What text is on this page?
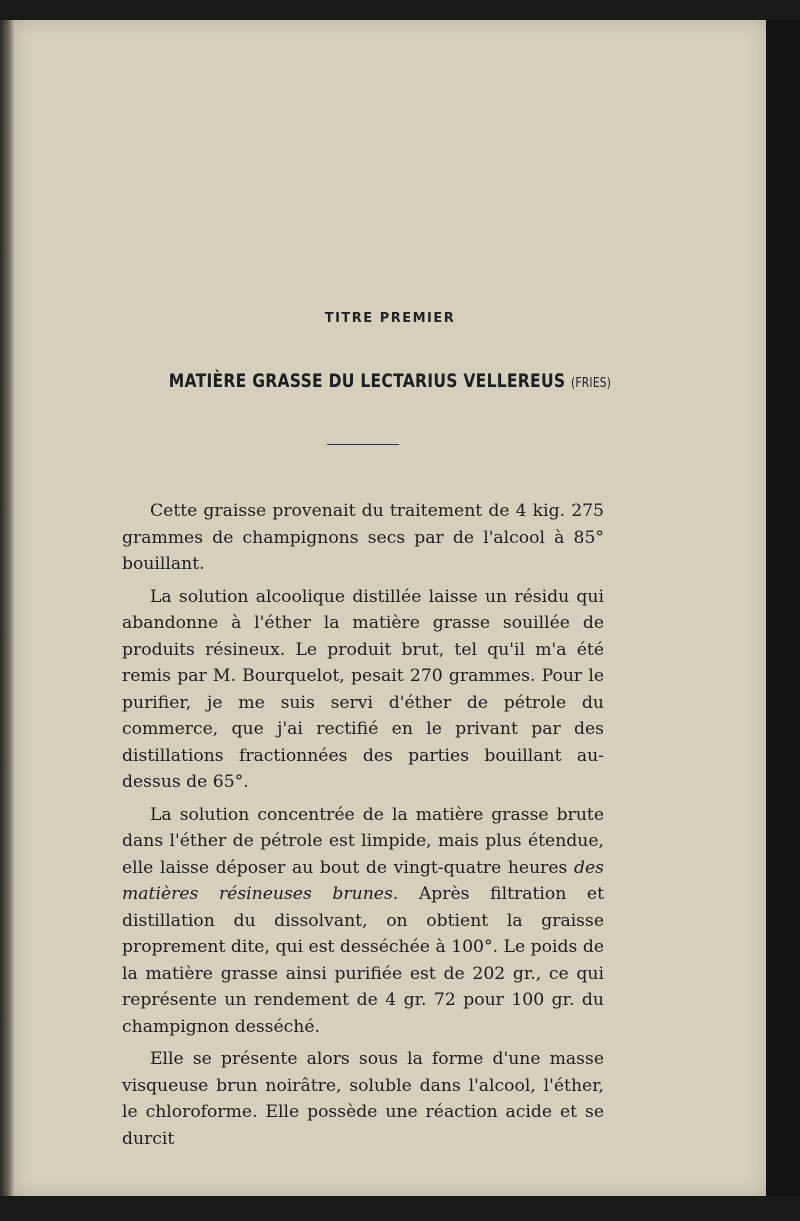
TITRE PREMIER
MATIÈRE GRASSE DU LECTARIUS VELLEREUS (FRIES)

Cette graisse provenait du traitement de 4 kig. 275 grammes de champignons secs par de l'alcool à 85° bouillant.

La solution alcoolique distillée laisse un résidu qui abandonne à l'éther la matière grasse souillée de produits résineux. Le produit brut, tel qu'il m'a été remis par M. Bourquelot, pesait 270 grammes. Pour le purifier, je me suis servi d'éther de pétrole du commerce, que j'ai rectifié en le privant par des distillations fractionnées des parties bouillant au-dessus de 65°.

La solution concentrée de la matière grasse brute dans l'éther de pétrole est limpide, mais plus étendue, elle laisse déposer au bout de vingt-quatre heures des matières résineuses brunes. Après filtration et distillation du dissolvant, on obtient la graisse proprement dite, qui est desséchée à 100°. Le poids de la matière grasse ainsi purifiée est de 202 gr., ce qui représente un rendement de 4 gr. 72 pour 100 gr. du champignon desséché.

Elle se présente alors sous la forme d'une masse visqueuse brun noirâtre, soluble dans l'alcool, l'éther, le chloroforme. Elle possède une réaction acide et se durcit
